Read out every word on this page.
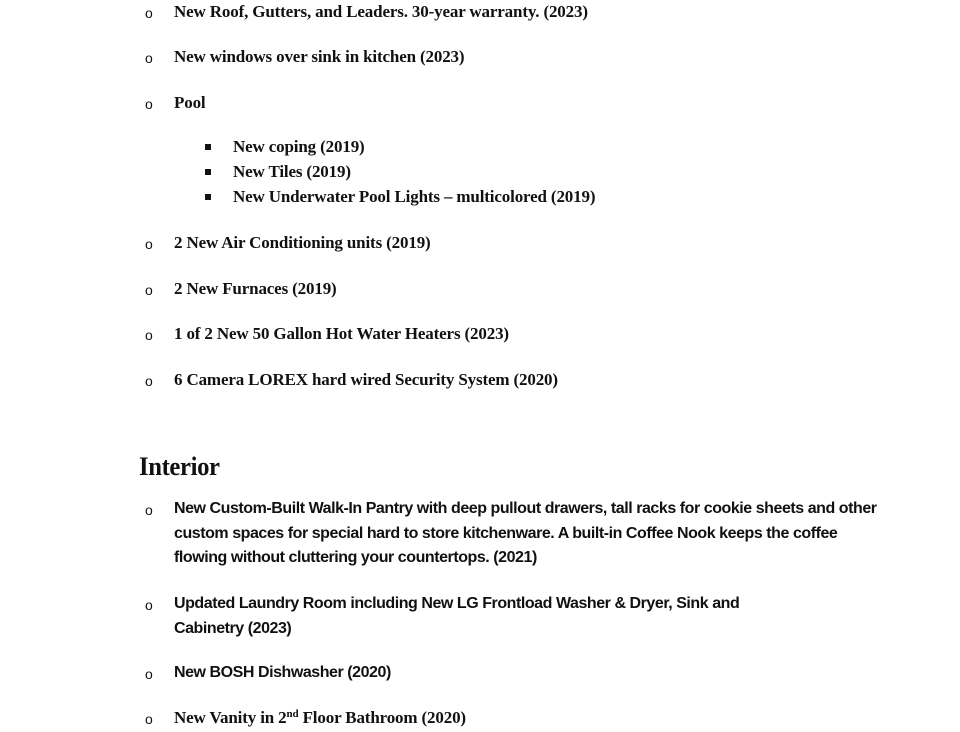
o New Roof, Gutters, and Leaders. 30-year warranty. (2023)
o New windows over sink in kitchen (2023)
o Pool
New coping (2019)
New Tiles (2019)
New Underwater Pool Lights – multicolored (2019)
o 2 New Air Conditioning units (2019)
o 2 New Furnaces (2019)
o 1 of 2 New 50 Gallon Hot Water Heaters (2023)
o 6 Camera LOREX hard wired Security System (2020)
Interior
o New Custom-Built Walk-In Pantry with deep pullout drawers, tall racks for cookie sheets and other custom spaces for special hard to store kitchenware. A built-in Coffee Nook keeps the coffee flowing without cluttering your countertops. (2021)
o Updated Laundry Room including New LG Frontload Washer & Dryer, Sink and Cabinetry (2023)
o New BOSH Dishwasher (2020)
o New Vanity in 2nd Floor Bathroom (2020)
